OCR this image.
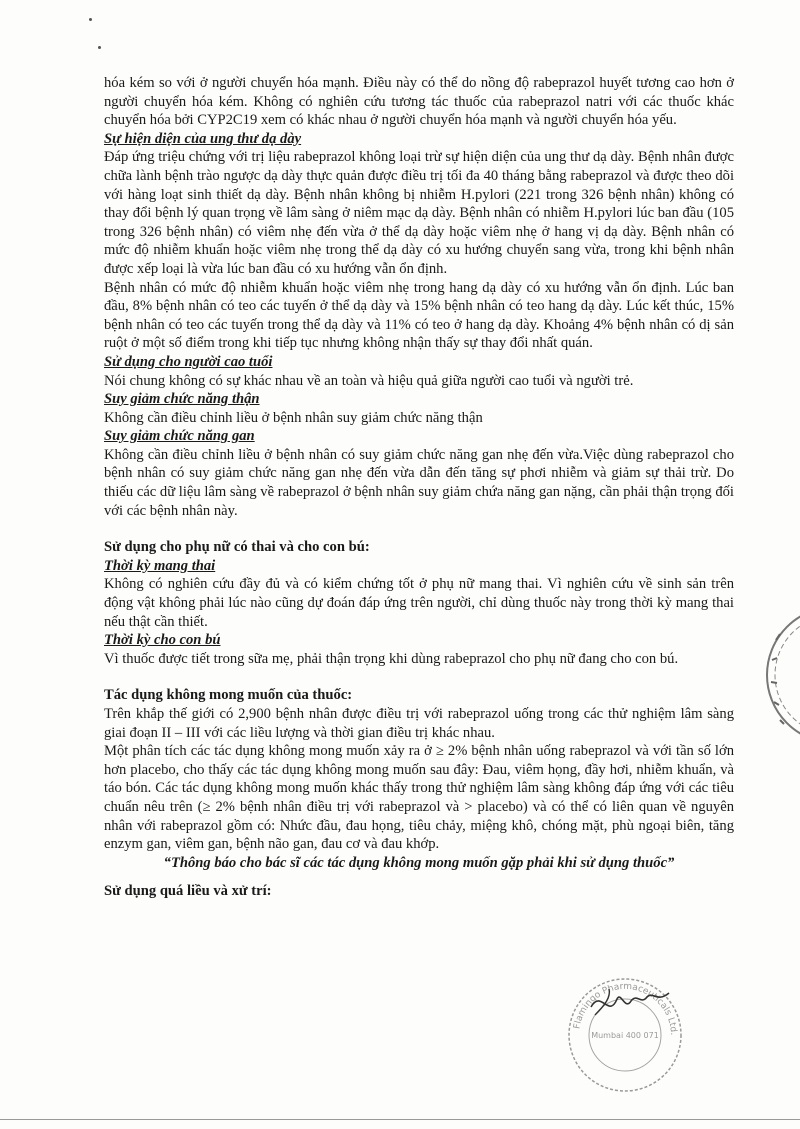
hóa kém so với ở người chuyển hóa mạnh. Điều này có thể do nồng độ rabeprazol huyết tương cao hơn ở người chuyển hóa kém. Không có nghiên cứu tương tác thuốc của rabeprazol natri với các thuốc khác chuyển hóa bởi CYP2C19 xem có khác nhau ở người chuyển hóa mạnh và người chuyển hóa yếu.

Sự hiện diện của ung thư dạ dày

Đáp ứng triệu chứng với trị liệu rabeprazol không loại trừ sự hiện diện của ung thư dạ dày. Bệnh nhân được chữa lành bệnh trào ngược dạ dày thực quản được điều trị tối đa 40 tháng bằng rabeprazol và được theo dõi với hàng loạt sinh thiết dạ dày. Bệnh nhân không bị nhiễm H.pylori (221 trong 326 bệnh nhân) không có thay đổi bệnh lý quan trọng về lâm sàng ở niêm mạc dạ dày. Bệnh nhân có nhiễm H.pylori lúc ban đầu (105 trong 326 bệnh nhân) có viêm nhẹ đến vừa ở thể dạ dày hoặc viêm nhẹ ở hang vị dạ dày. Bệnh nhân có mức độ nhiễm khuẩn hoặc viêm nhẹ trong thể dạ dày có xu hướng chuyển sang vừa, trong khi bệnh nhân được xếp loại là vừa lúc ban đầu có xu hướng vẫn ổn định.

Bệnh nhân có mức độ nhiễm khuẩn hoặc viêm nhẹ trong hang dạ dày có xu hướng vẫn ổn định. Lúc ban đầu, 8% bệnh nhân có teo các tuyến ở thể dạ dày và 15% bệnh nhân có teo hang dạ dày. Lúc kết thúc, 15% bệnh nhân có teo các tuyến trong thể dạ dày và 11% có teo ở hang dạ dày. Khoảng 4% bệnh nhân có dị sản ruột ở một số điểm trong khi tiếp tục nhưng không nhận thấy sự thay đổi nhất quán.

Sử dụng cho người cao tuổi

Nói chung không có sự khác nhau về an toàn và hiệu quả giữa người cao tuổi và người trẻ.

Suy giảm chức năng thận

Không cần điều chỉnh liều ở bệnh nhân suy giảm chức năng thận

Suy giảm chức năng gan

Không cần điều chỉnh liều ở bệnh nhân có suy giảm chức năng gan nhẹ đến vừa.Việc dùng rabeprazol cho bệnh nhân có suy giảm chức năng gan nhẹ đến vừa dẫn đến tăng sự phơi nhiễm và giảm sự thải trừ. Do thiếu các dữ liệu lâm sàng về rabeprazol ở bệnh nhân suy giảm chứa năng gan nặng, cần phải thận trọng đối với các bệnh nhân này.

Sử dụng cho phụ nữ có thai và cho con bú:

Thời kỳ mang thai

Không có nghiên cứu đầy đủ và có kiểm chứng tốt ở phụ nữ mang thai. Vì nghiên cứu về sinh sản trên động vật không phải lúc nào cũng dự đoán đáp ứng trên người, chỉ dùng thuốc này trong thời kỳ mang thai nếu thật cần thiết.

Thời kỳ cho con bú

Vì thuốc được tiết trong sữa mẹ, phải thận trọng khi dùng rabeprazol cho phụ nữ đang cho con bú.

Tác dụng không mong muốn của thuốc:

Trên khắp thế giới có 2,900 bệnh nhân được điều trị với rabeprazol uống trong các thử nghiệm lâm sàng giai đoạn II – III với các liều lượng và thời gian điều trị khác nhau.

Một phân tích các tác dụng không mong muốn xảy ra ở ≥ 2% bệnh nhân uống rabeprazol và với tần số lớn hơn placebo, cho thấy các tác dụng không mong muốn sau đây: Đau, viêm họng, đầy hơi, nhiễm khuẩn, và táo bón. Các tác dụng không mong muốn khác thấy trong thử nghiệm lâm sàng không đáp ứng với các tiêu chuẩn nêu trên (≥ 2% bệnh nhân điều trị với rabeprazol và > placebo) và có thể có liên quan về nguyên nhân với rabeprazol gồm có: Nhức đầu, đau họng, tiêu chảy, miệng khô, chóng mặt, phù ngoại biên, tăng enzym gan, viêm gan, bệnh não gan, đau cơ và đau khớp.

“Thông báo cho bác sĩ các tác dụng không mong muốn gặp phải khi sử dụng thuốc”

Sử dụng quá liều và xử trí:

Flamingo Pharmaceuticals Ltd.
Mumbai 400 071
